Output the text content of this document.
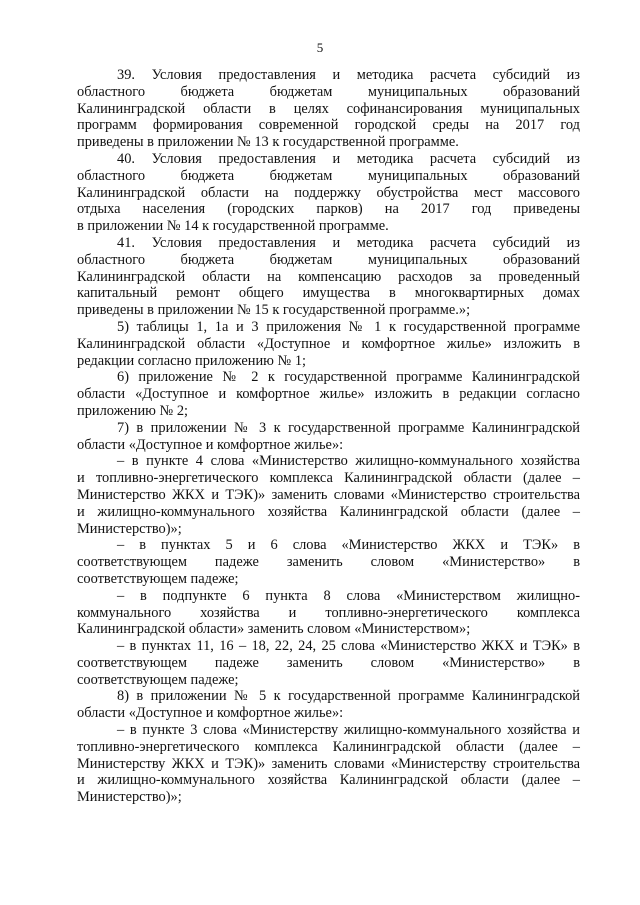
5
39. Условия предоставления и методика расчета субсидий из
областного бюджета бюджетам муниципальных образований
Калининградской области в целях софинансирования муниципальных
программ формирования современной городской среды на 2017 год
приведены в приложении № 13 к государственной программе.
40. Условия предоставления и методика расчета субсидий из
областного бюджета бюджетам муниципальных образований
Калининградской области на поддержку обустройства мест массового
отдыха населения (городских парков) на 2017 год приведены
в приложении № 14 к государственной программе.
41. Условия предоставления и методика расчета субсидий из
областного бюджета бюджетам муниципальных образований
Калининградской области на компенсацию расходов за проведенный
капитальный ремонт общего имущества в многоквартирных домах
приведены в приложении № 15 к государственной программе.»;
5) таблицы 1, 1а и 3 приложения № 1 к государственной программе
Калининградской области «Доступное и комфортное жилье» изложить в
редакции согласно приложению № 1;
6) приложение № 2 к государственной программе Калининградской
области «Доступное и комфортное жилье» изложить в редакции согласно
приложению № 2;
7) в приложении № 3 к государственной программе Калининградской
области «Доступное и комфортное жилье»:
– в пункте 4 слова «Министерство жилищно-коммунального хозяйства
и топливно-энергетического комплекса Калининградской области (далее –
Министерство ЖКХ и ТЭК)» заменить словами «Министерство строительства
и жилищно-коммунального хозяйства Калининградской области (далее –
Министерство)»;
– в пунктах 5 и 6 слова «Министерство ЖКХ и ТЭК» в
соответствующем падеже заменить словом «Министерство» в
соответствующем падеже;
– в подпункте 6 пункта 8 слова «Министерством жилищно-
коммунального хозяйства и топливно-энергетического комплекса
Калининградской области» заменить словом «Министерством»;
– в пунктах 11, 16 – 18, 22, 24, 25 слова «Министерство ЖКХ и ТЭК» в
соответствующем падеже заменить словом «Министерство» в
соответствующем падеже;
8) в приложении № 5 к государственной программе Калининградской
области «Доступное и комфортное жилье»:
– в пункте 3 слова «Министерству жилищно-коммунального хозяйства и
топливно-энергетического комплекса Калининградской области (далее –
Министерству ЖКХ и ТЭК)» заменить словами «Министерству строительства
и жилищно-коммунального хозяйства Калининградской области (далее –
Министерство)»;
